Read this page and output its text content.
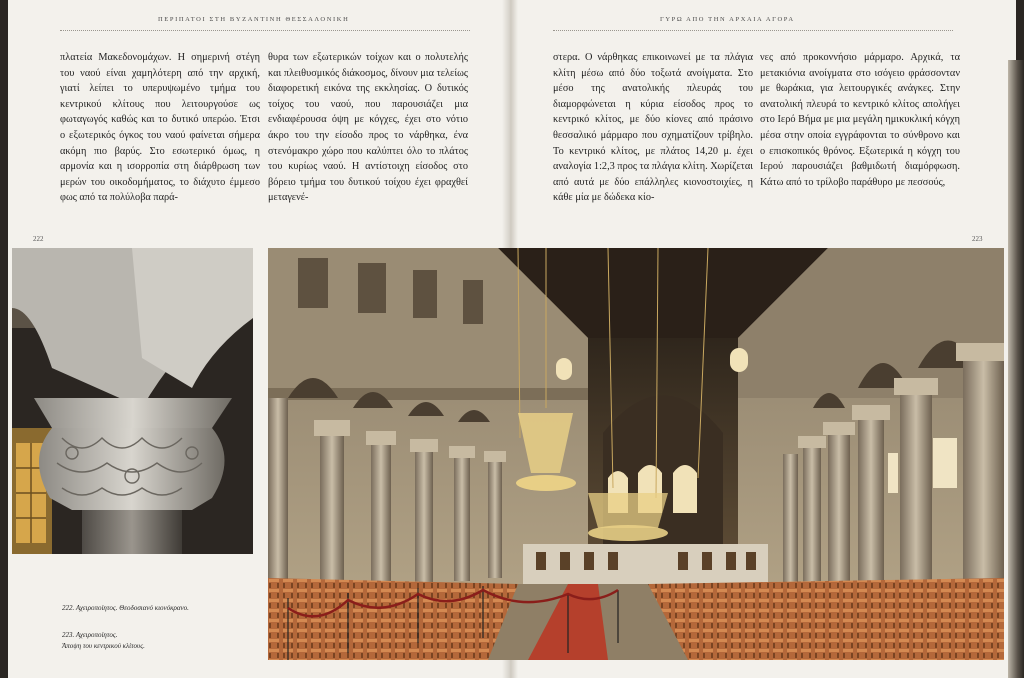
ΠΕΡΙΠΑΤΟΙ ΣΤΗ ΒΥΖΑΝΤΙΝΗ ΘΕΣΣΑΛΟΝΙΚΗ	ΓΥΡΩ ΑΠΟ ΤΗΝ ΑΡΧΑΙΑ ΑΓΟΡΑ
πλατεία Μακεδονομάχων. Η σημερινή στέγη του ναού είναι χαμηλότερη από την αρχική, γιατί λείπει το υπερυψωμένο τμήμα του κεντρικού κλίτους που λειτουργούσε ως φωταγωγός καθώς και το δυτικό υπερώο. Έτσι ο εξωτερικός όγκος του ναού φαίνεται σήμερα ακόμη πιο βαρύς. Στο εσωτερικό όμως, η αρμονία και η ισορροπία στη διάρθρωση των μερών του οικοδομήματος, το διάχυτο έμμεσο φως από τα πολύλοβα παρά-
θυρα των εξωτερικών τοίχων και ο πολυτελής και πλειθυσμικός διάκοσμος, δίνουν μια τελείως διαφορετική εικόνα της εκκλησίας. Ο δυτικός τοίχος του ναού, που παρουσιάζει μια ενδιαφέρουσα όψη με κόγχες, έχει στο νότιο άκρο του την είσοδο προς το νάρθηκα, ένα στενόμακρο χώρο που καλύπτει όλο το πλάτος του κυρίως ναού. Η αντίστοιχη είσοδος στο βόρειο τμήμα του δυτικού τοίχου έχει φραχθεί μεταγενέ-
στερα. Ο νάρθηκας επικοινωνεί με τα πλάγια κλίτη μέσω από δύο τοξωτά ανοίγματα. Στο μέσο της ανατολικής πλευράς του διαμορφώνεται η κύρια είσοδος προς το κεντρικό κλίτος, με δύο κίονες από πράσινο θεσσαλικό μάρμαρο που σχηματίζουν τρίβηλο. Το κεντρικό κλίτος, με πλάτος 14,20 μ. έχει αναλογία 1:2,3 προς τα πλάγια κλίτη. Χωρίζεται από αυτά με δύο επάλληλες κιονοστοιχίες, η κάθε μία με δώδεκα κίο-
νες από προκοννήσιο μάρμαρο. Αρχικά, τα μετακιόνια ανοίγματα στο ισόγειο φράσσονταν με θωράκια, για λειτουργικές ανάγκες. Στην ανατολική πλευρά το κεντρικό κλίτος απολήγει στο Ιερό Βήμα με μια μεγάλη ημικυκλική κόγχη μέσα στην οποία εγγράφονται το σύνθρονο και ο επισκοπικός θρόνος. Εξωτερικά η κόγχη του Ιερού παρουσιάζει βαθμιδωτή διαμόρφωση. Κάτω από το τρίλοβο παράθυρο με πεσσούς,
222	223
222. Αχειροποίητος. Θεοδοσιανό κιονόκρανο.
223. Αχειροποίητος.
Άποψη του κεντρικού κλίτους.
